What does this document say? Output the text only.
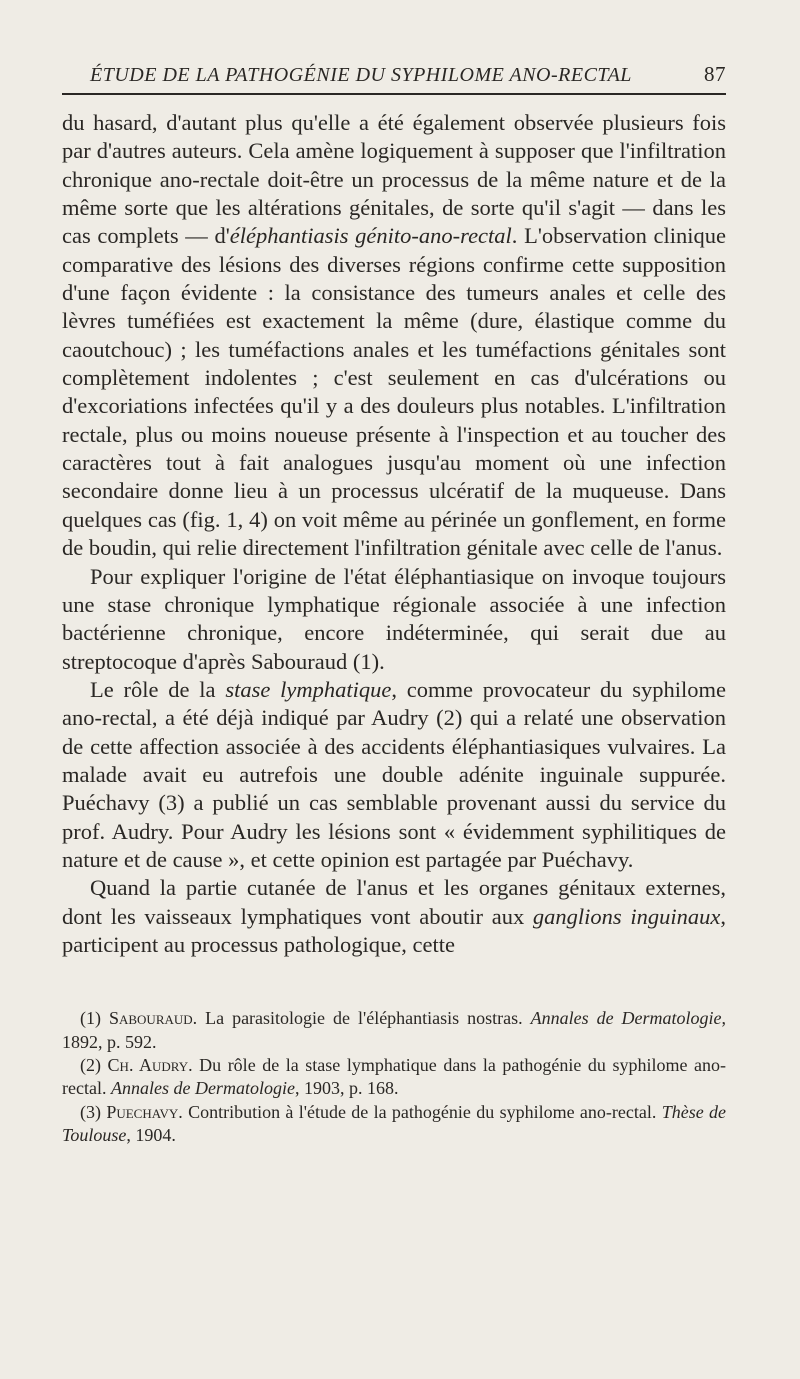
ÉTUDE DE LA PATHOGÉNIE DU SYPHILOME ANO-RECTAL	87

du hasard, d'autant plus qu'elle a été également observée plusieurs fois par d'autres auteurs. Cela amène logiquement à supposer que l'infiltration chronique ano-rectale doit-être un processus de la même nature et de la même sorte que les altérations génitales, de sorte qu'il s'agit — dans les cas complets — d'éléphantiasis génito-ano-rectal. L'observation clinique comparative des lésions des diverses régions confirme cette supposition d'une façon évidente : la consistance des tumeurs anales et celle des lèvres tuméfiées est exactement la même (dure, élastique comme du caoutchouc) ; les tuméfactions anales et les tuméfactions génitales sont complètement indolentes ; c'est seulement en cas d'ulcérations ou d'excoriations infectées qu'il y a des douleurs plus notables. L'infiltration rectale, plus ou moins noueuse présente à l'inspection et au toucher des caractères tout à fait analogues jusqu'au moment où une infection secondaire donne lieu à un processus ulcératif de la muqueuse. Dans quelques cas (fig. 1, 4) on voit même au périnée un gonflement, en forme de boudin, qui relie directement l'infiltration génitale avec celle de l'anus.

Pour expliquer l'origine de l'état éléphantiasique on invoque toujours une stase chronique lymphatique régionale associée à une infection bactérienne chronique, encore indéterminée, qui serait due au streptocoque d'après Sabouraud (1).

Le rôle de la stase lymphatique, comme provocateur du syphilome ano-rectal, a été déjà indiqué par Audry (2) qui a relaté une observation de cette affection associée à des accidents éléphantiasiques vulvaires. La malade avait eu autrefois une double adénite inguinale suppurée. Puéchavy (3) a publié un cas semblable provenant aussi du service du prof. Audry. Pour Audry les lésions sont « évidemment syphilitiques de nature et de cause », et cette opinion est partagée par Puéchavy.

Quand la partie cutanée de l'anus et les organes génitaux externes, dont les vaisseaux lymphatiques vont aboutir aux ganglions inguinaux, participent au processus pathologique, cette

(1) Sabouraud. La parasitologie de l'éléphantiasis nostras. Annales de Dermatologie, 1892, p. 592.

(2) Ch. Audry. Du rôle de la stase lymphatique dans la pathogénie du syphilome ano-rectal. Annales de Dermatologie, 1903, p. 168.

(3) Puechavy. Contribution à l'étude de la pathogénie du syphilome ano-rectal. Thèse de Toulouse, 1904.
